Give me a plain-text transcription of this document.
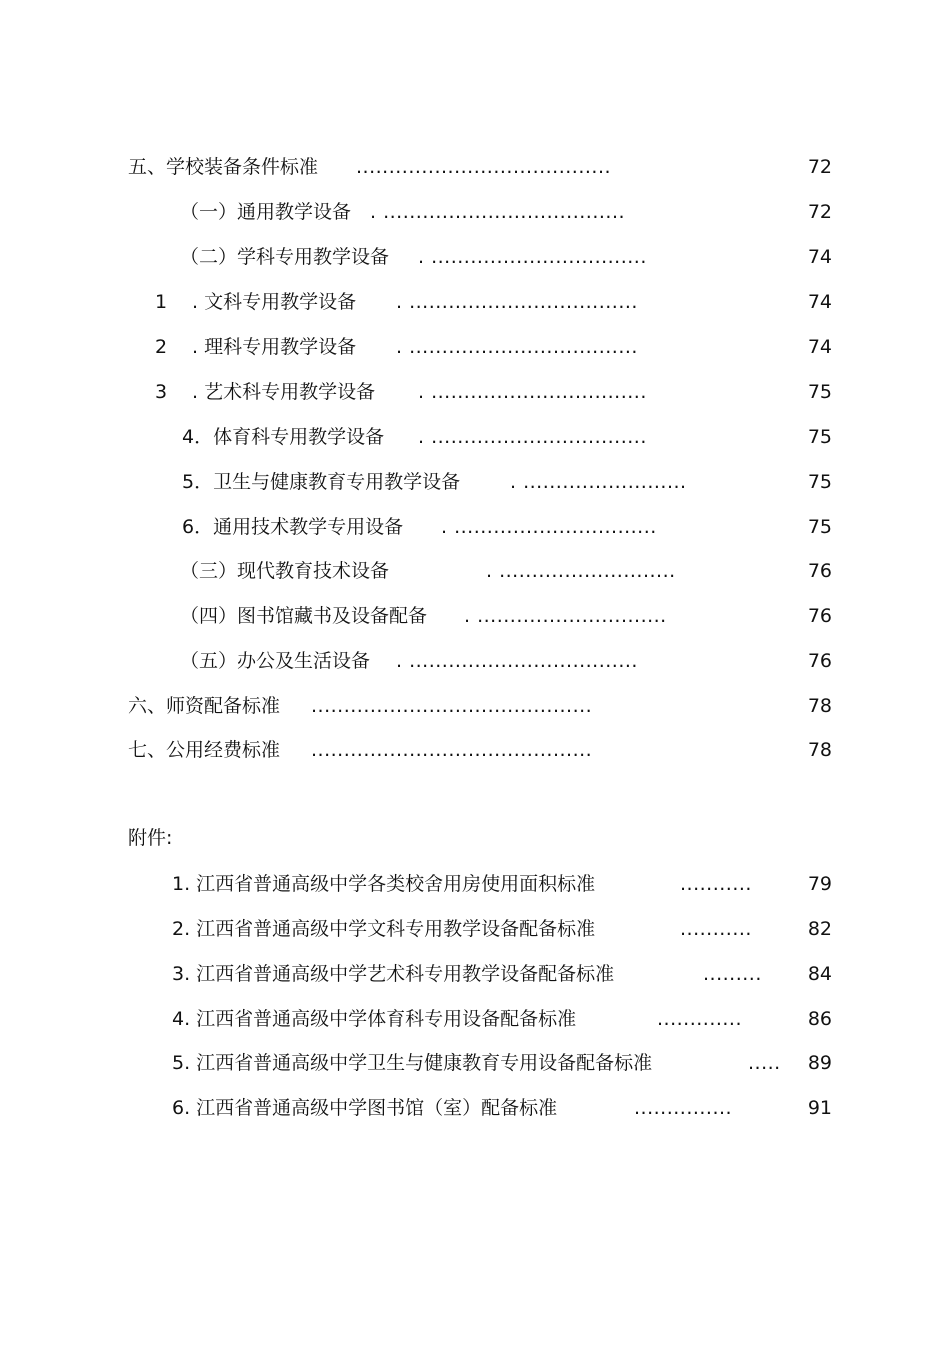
五、学校装备条件标准 .......................................	72
（一）通用教学设备 . .....................................	72
（二）学科专用教学设备 . .................................	74
1 . 文科专用教学设备 . ...................................	74
2 . 理科专用教学设备 . ...................................	74
3 . 艺术科专用教学设备 . .................................	75
4．体育科专用教学设备 . .................................	75
5．卫生与健康教育专用教学设备	. .........................	75
6．通用技术教学专用设备 . ...............................	75
（三）现代教育技术设备	. ...........................	76
（四）图书馆藏书及设备配备 . .............................	76
（五）办公及生活设备 . ...................................	76
六、师资配备标准 ...........................................	78
七、公用经费标准 ...........................................	78
附件:
1. 江西省普通高级中学各类校舍用房使用面积标准	...........	79
2. 江西省普通高级中学文科专用教学设备配备标准	...........	82
3. 江西省普通高级中学艺术科专用教学设备配备标准	......... 84
4. 江西省普通高级中学体育科专用设备配备标准	.............	86
5. 江西省普通高级中学卫生与健康教育专用设备配备标准	..... 89
6. 江西省普通高级中学图书馆（室）配备标准	...............	91
